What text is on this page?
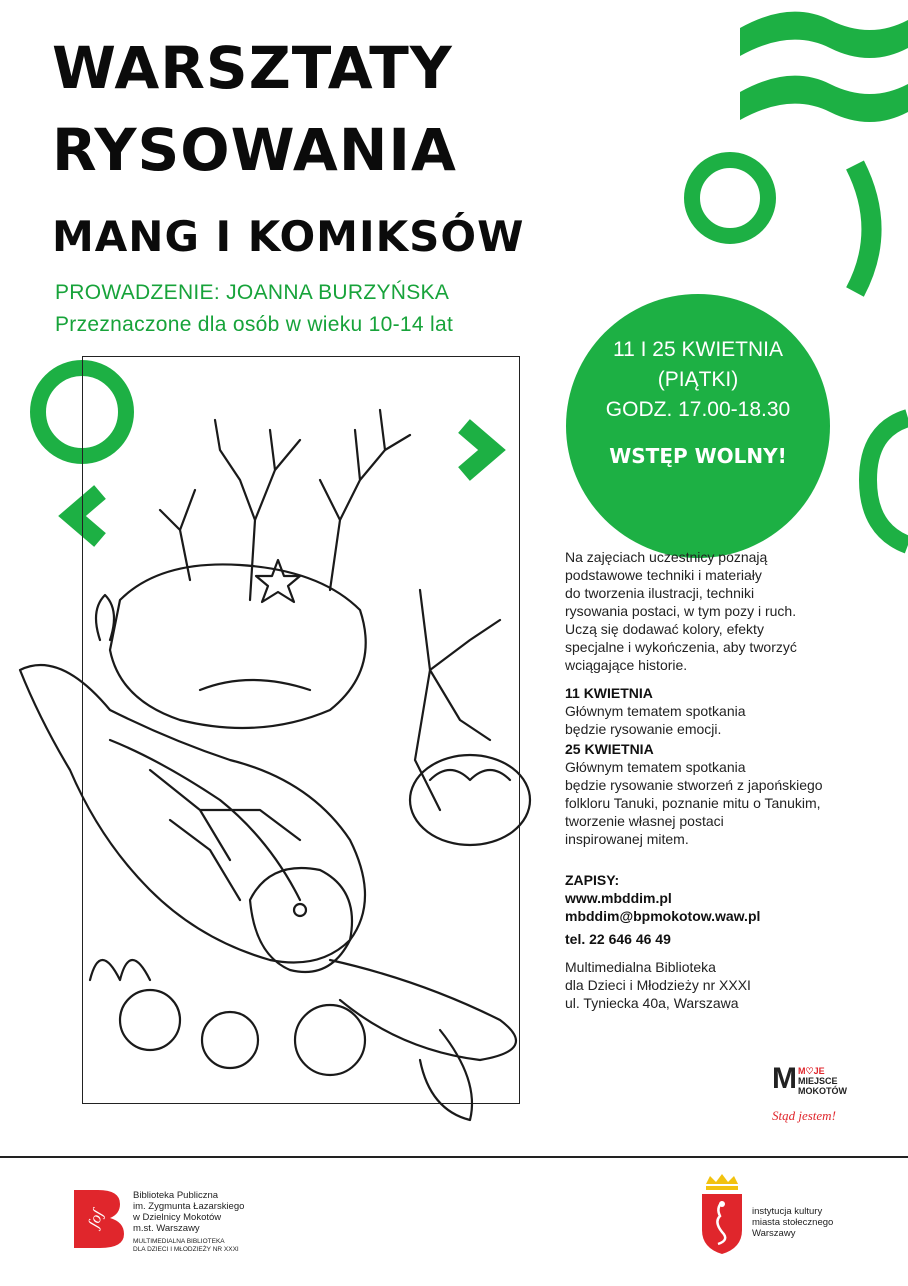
WARSZTATY
RYSOWANIA
MANG I KOMIKSÓW
PROWADZENIE: JOANNA BURZYŃSKA
Przeznaczone dla osób w wieku 10-14 lat
11 I 25 KWIETNIA
(PIĄTKI)
GODZ. 17.00-18.30
WSTĘP WOLNY!

Na zajęciach uczestnicy poznają

podstawowe techniki i materiały

do tworzenia ilustracji, techniki

rysowania postaci, w tym pozy i ruch.

Uczą się dodawać kolory, efekty

specjalne i wykończenia, aby tworzyć

wciągające historie.

11 KWIETNIA

Głównym tematem spotkania

będzie rysowanie emocji.

25 KWIETNIA

Głównym tematem spotkania

będzie rysowanie stworzeń z japońskiego

folkloru Tanuki, poznanie mitu o Tanukim,

tworzenie własnej postaci

inspirowanej mitem.

ZAPISY:

www.mbddim.pl

mbddim@bpmokotow.waw.pl

tel. 22 646 46 49

Multimedialna Biblioteka

dla Dzieci i Młodzieży nr XXXI

ul. Tyniecka 40a, Warszawa

M M♡JE
MIEJSCE
MOKOTÓW
Stąd jestem!
ʃoʃ
Biblioteka Publiczna
im. Zygmunta Łazarskiego
w Dzielnicy Mokotów
m.st. Warszawy
MULTIMEDIALNA BIBLIOTEKA
DLA DZIECI I MŁODZIEŻY NR XXXI
instytucja kultury
miasta stołecznego
Warszawy
